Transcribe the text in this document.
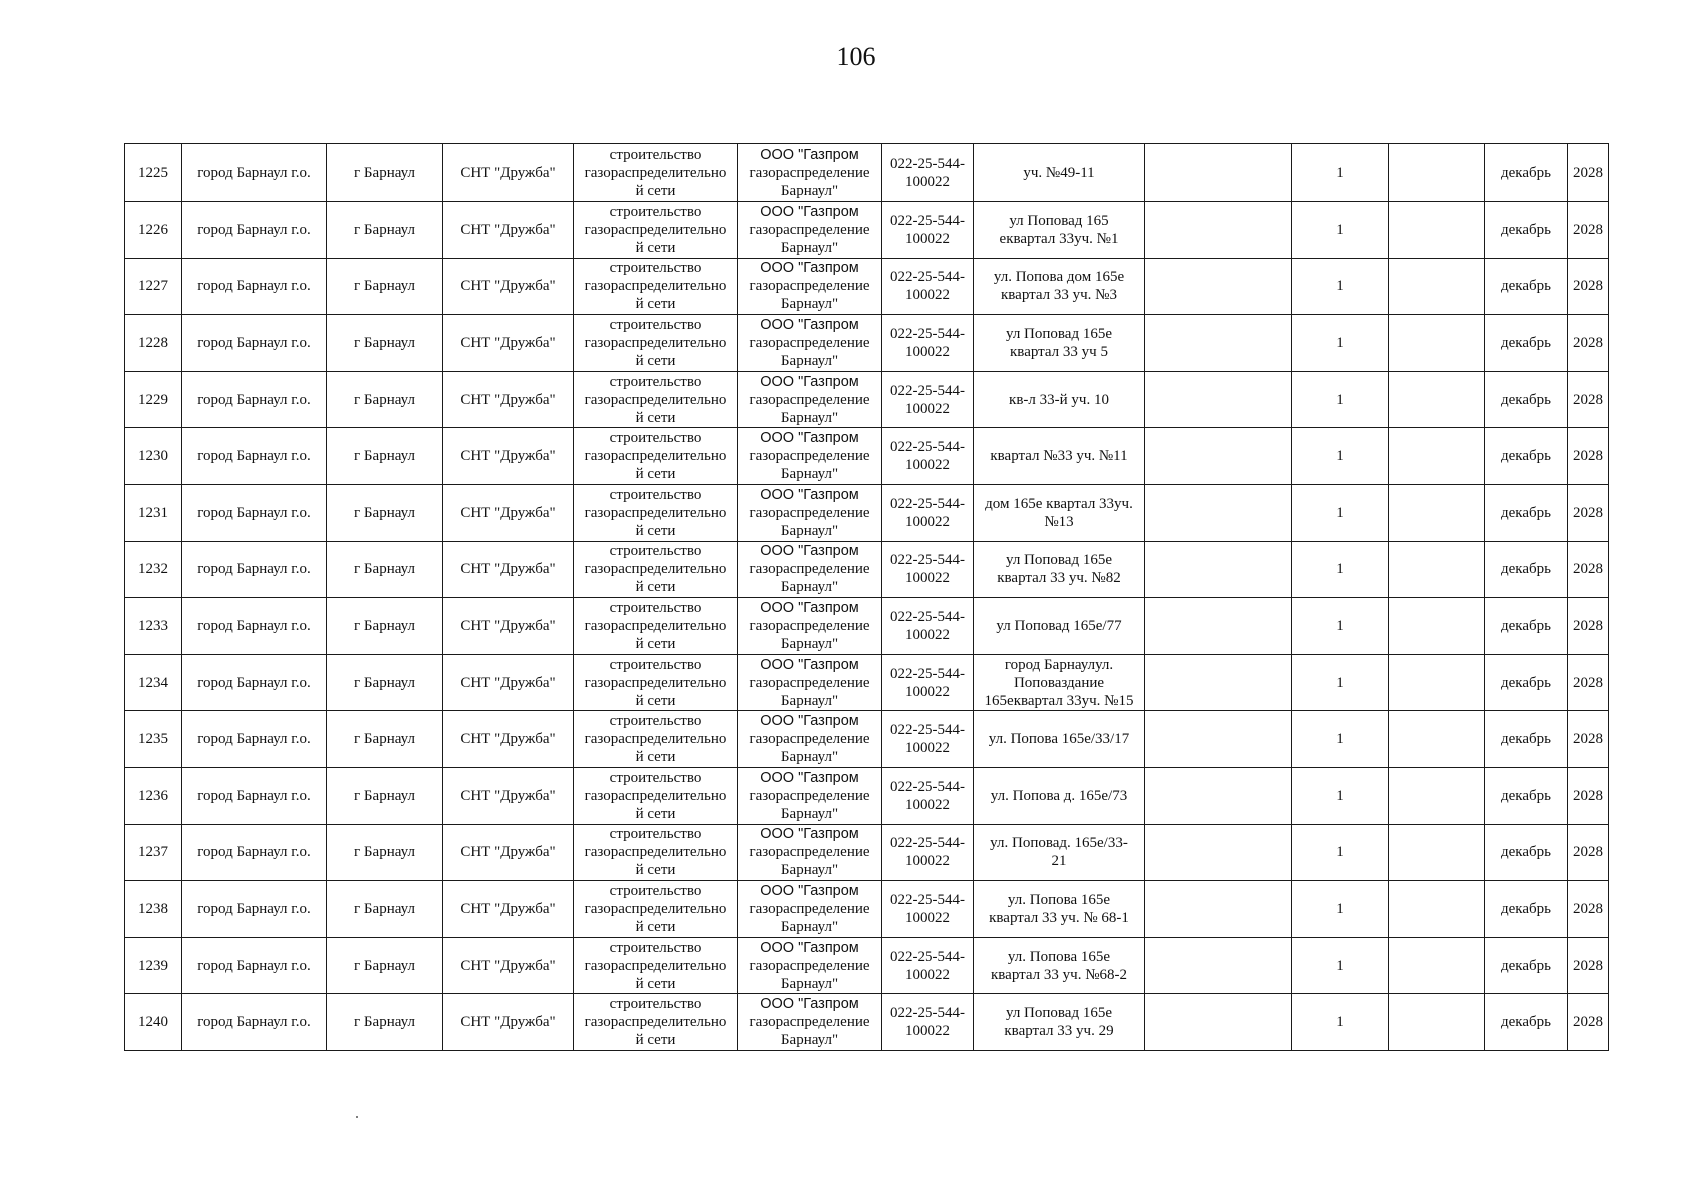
106
1225	город Барнаул г.о.	г Барнаул	СНТ "Дружба"	строительство
газораспределительно
й сети	ООО "Газпром
газораспределение
Барнаул"	022-25-544-
100022	уч. №49-11		1		декабрь	2028
1226	город Барнаул г.о.	г Барнаул	СНТ "Дружба"	строительство
газораспределительно
й сети	ООО "Газпром
газораспределение
Барнаул"	022-25-544-
100022	ул Поповад 165
еквартал 33уч. №1		1		декабрь	2028
1227	город Барнаул г.о.	г Барнаул	СНТ "Дружба"	строительство
газораспределительно
й сети	ООО "Газпром
газораспределение
Барнаул"	022-25-544-
100022	ул. Попова дом 165е
квартал 33 уч. №3		1		декабрь	2028
1228	город Барнаул г.о.	г Барнаул	СНТ "Дружба"	строительство
газораспределительно
й сети	ООО "Газпром
газораспределение
Барнаул"	022-25-544-
100022	ул Поповад 165е
квартал 33 уч 5		1		декабрь	2028
1229	город Барнаул г.о.	г Барнаул	СНТ "Дружба"	строительство
газораспределительно
й сети	ООО "Газпром
газораспределение
Барнаул"	022-25-544-
100022	кв-л 33-й уч. 10		1		декабрь	2028
1230	город Барнаул г.о.	г Барнаул	СНТ "Дружба"	строительство
газораспределительно
й сети	ООО "Газпром
газораспределение
Барнаул"	022-25-544-
100022	квартал №33 уч. №11		1		декабрь	2028
1231	город Барнаул г.о.	г Барнаул	СНТ "Дружба"	строительство
газораспределительно
й сети	ООО "Газпром
газораспределение
Барнаул"	022-25-544-
100022	дом 165е квартал 33уч.
№13		1		декабрь	2028
1232	город Барнаул г.о.	г Барнаул	СНТ "Дружба"	строительство
газораспределительно
й сети	ООО "Газпром
газораспределение
Барнаул"	022-25-544-
100022	ул Поповад 165е
квартал 33 уч. №82		1		декабрь	2028
1233	город Барнаул г.о.	г Барнаул	СНТ "Дружба"	строительство
газораспределительно
й сети	ООО "Газпром
газораспределение
Барнаул"	022-25-544-
100022	ул Поповад 165е/77		1		декабрь	2028
1234	город Барнаул г.о.	г Барнаул	СНТ "Дружба"	строительство
газораспределительно
й сети	ООО "Газпром
газораспределение
Барнаул"	022-25-544-
100022	город Барнаулул.
Поповаздание
165еквартал 33уч. №15		1		декабрь	2028
1235	город Барнаул г.о.	г Барнаул	СНТ "Дружба"	строительство
газораспределительно
й сети	ООО "Газпром
газораспределение
Барнаул"	022-25-544-
100022	ул. Попова 165е/33/17		1		декабрь	2028
1236	город Барнаул г.о.	г Барнаул	СНТ "Дружба"	строительство
газораспределительно
й сети	ООО "Газпром
газораспределение
Барнаул"	022-25-544-
100022	ул. Попова д. 165е/73		1		декабрь	2028
1237	город Барнаул г.о.	г Барнаул	СНТ "Дружба"	строительство
газораспределительно
й сети	ООО "Газпром
газораспределение
Барнаул"	022-25-544-
100022	ул. Поповад. 165е/33-
21		1		декабрь	2028
1238	город Барнаул г.о.	г Барнаул	СНТ "Дружба"	строительство
газораспределительно
й сети	ООО "Газпром
газораспределение
Барнаул"	022-25-544-
100022	ул. Попова 165е
квартал 33 уч. № 68-1		1		декабрь	2028
1239	город Барнаул г.о.	г Барнаул	СНТ "Дружба"	строительство
газораспределительно
й сети	ООО "Газпром
газораспределение
Барнаул"	022-25-544-
100022	ул. Попова 165е
квартал 33 уч. №68-2		1		декабрь	2028
1240	город Барнаул г.о.	г Барнаул	СНТ "Дружба"	строительство
газораспределительно
й сети	ООО "Газпром
газораспределение
Барнаул"	022-25-544-
100022	ул Поповад 165е
квартал 33 уч. 29		1		декабрь	2028
